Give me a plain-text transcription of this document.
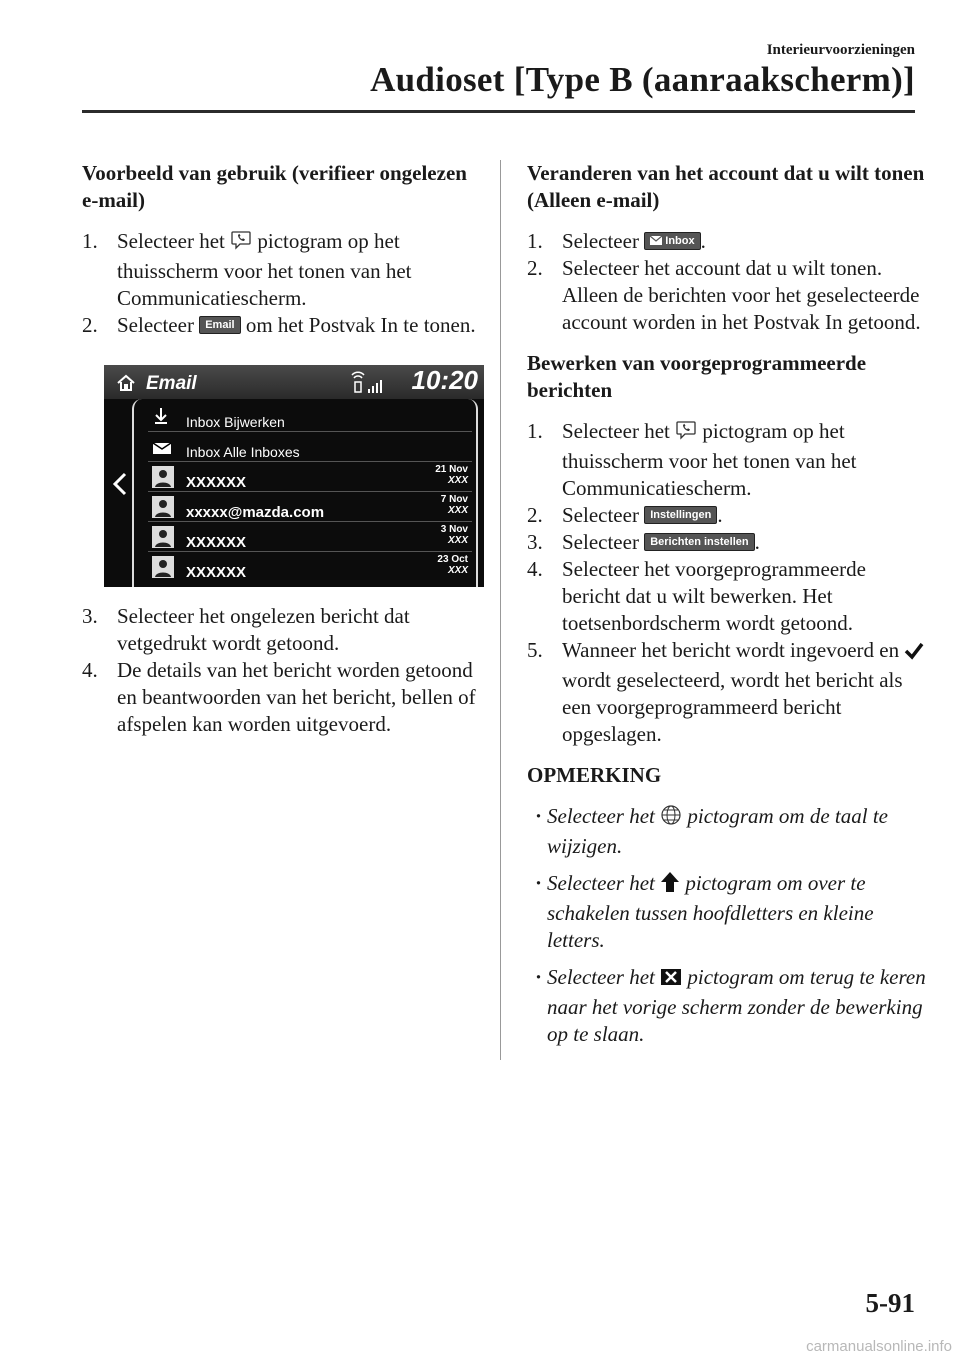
Interieurvoorzieningen
Audioset [Type B (aanraakscherm)]
Voorbeeld van gebruik (verifieer ongelezen e-mail)
1. Selecteer het pictogram op het thuisscherm voor het tonen van het Communicatiescherm.
2. Selecteer Email om het Postvak In te tonen.
Email	10:20
Inbox Bijwerken
Inbox Alle Inboxes
XXXXXX
21 Nov
XXX
xxxxx@mazda.com
7 Nov
XXX
XXXXXX
3 Nov
XXX
XXXXXX
23 Oct
XXX
3. Selecteer het ongelezen bericht dat vetgedrukt wordt getoond.
4. De details van het bericht worden getoond en beantwoorden van het bericht, bellen of afspelen kan worden uitgevoerd.
Veranderen van het account dat u wilt tonen (Alleen e-mail)
1. Selecteer Inbox .
2. Selecteer het account dat u wilt tonen. Alleen de berichten voor het geselecteerde account worden in het Postvak In getoond.
Bewerken van voorgeprogrammeerde berichten
1. Selecteer het pictogram op het thuisscherm voor het tonen van het Communicatiescherm.
2. Selecteer Instellingen .
3. Selecteer Berichten instellen .
4. Selecteer het voorgeprogrammeerde bericht dat u wilt bewerken. Het toetsenbordscherm wordt getoond.
5. Wanneer het bericht wordt ingevoerd en  wordt geselecteerd, wordt het bericht als een voorgeprogrammeerd bericht opgeslagen.
OPMERKING
· Selecteer het pictogram om de taal te wijzigen.
· Selecteer het pictogram om over te schakelen tussen hoofdletters en kleine letters.
· Selecteer het pictogram om terug te keren naar het vorige scherm zonder de bewerking op te slaan.
5-91
carmanualsonline.info
